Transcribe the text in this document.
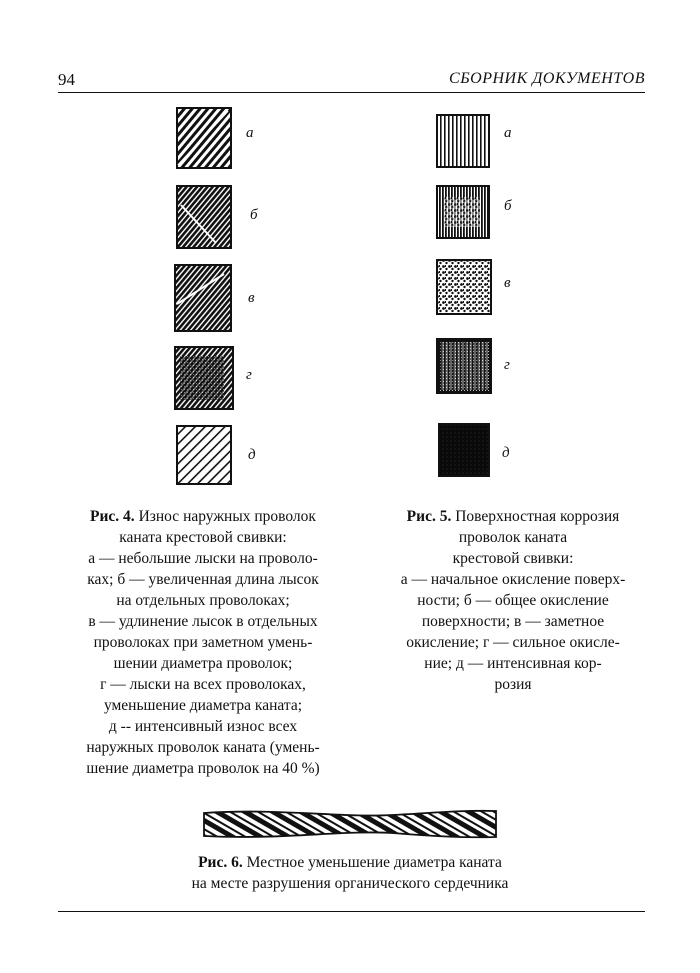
94	СБОРНИК ДОКУМЕНТОВ
а
б
в
г
д
а
б
в
г
д

Рис. 4. Износ наружных проволок

каната крестовой свивки:

а — небольшие лыски на проволо-

ках; б — увеличенная длина лысок

на отдельных проволоках;

в — удлинение лысок в отдельных

проволоках при заметном умень-

шении диаметра проволок;

г — лыски на всех проволоках,

уменьшение диаметра каната;

д -- интенсивный износ всех

наружных проволок каната (умень-

шение диаметра проволок на 40 %)

Рис. 5. Поверхностная коррозия

проволок каната

крестовой свивки:

а — начальное окисление поверх-

ности; б — общее окисление

поверхности; в — заметное

окисление; г — сильное окисле-

ние; д — интенсивная кор-

розия

Рис. 6. Местное уменьшение диаметра каната

на месте разрушения органического сердечника
